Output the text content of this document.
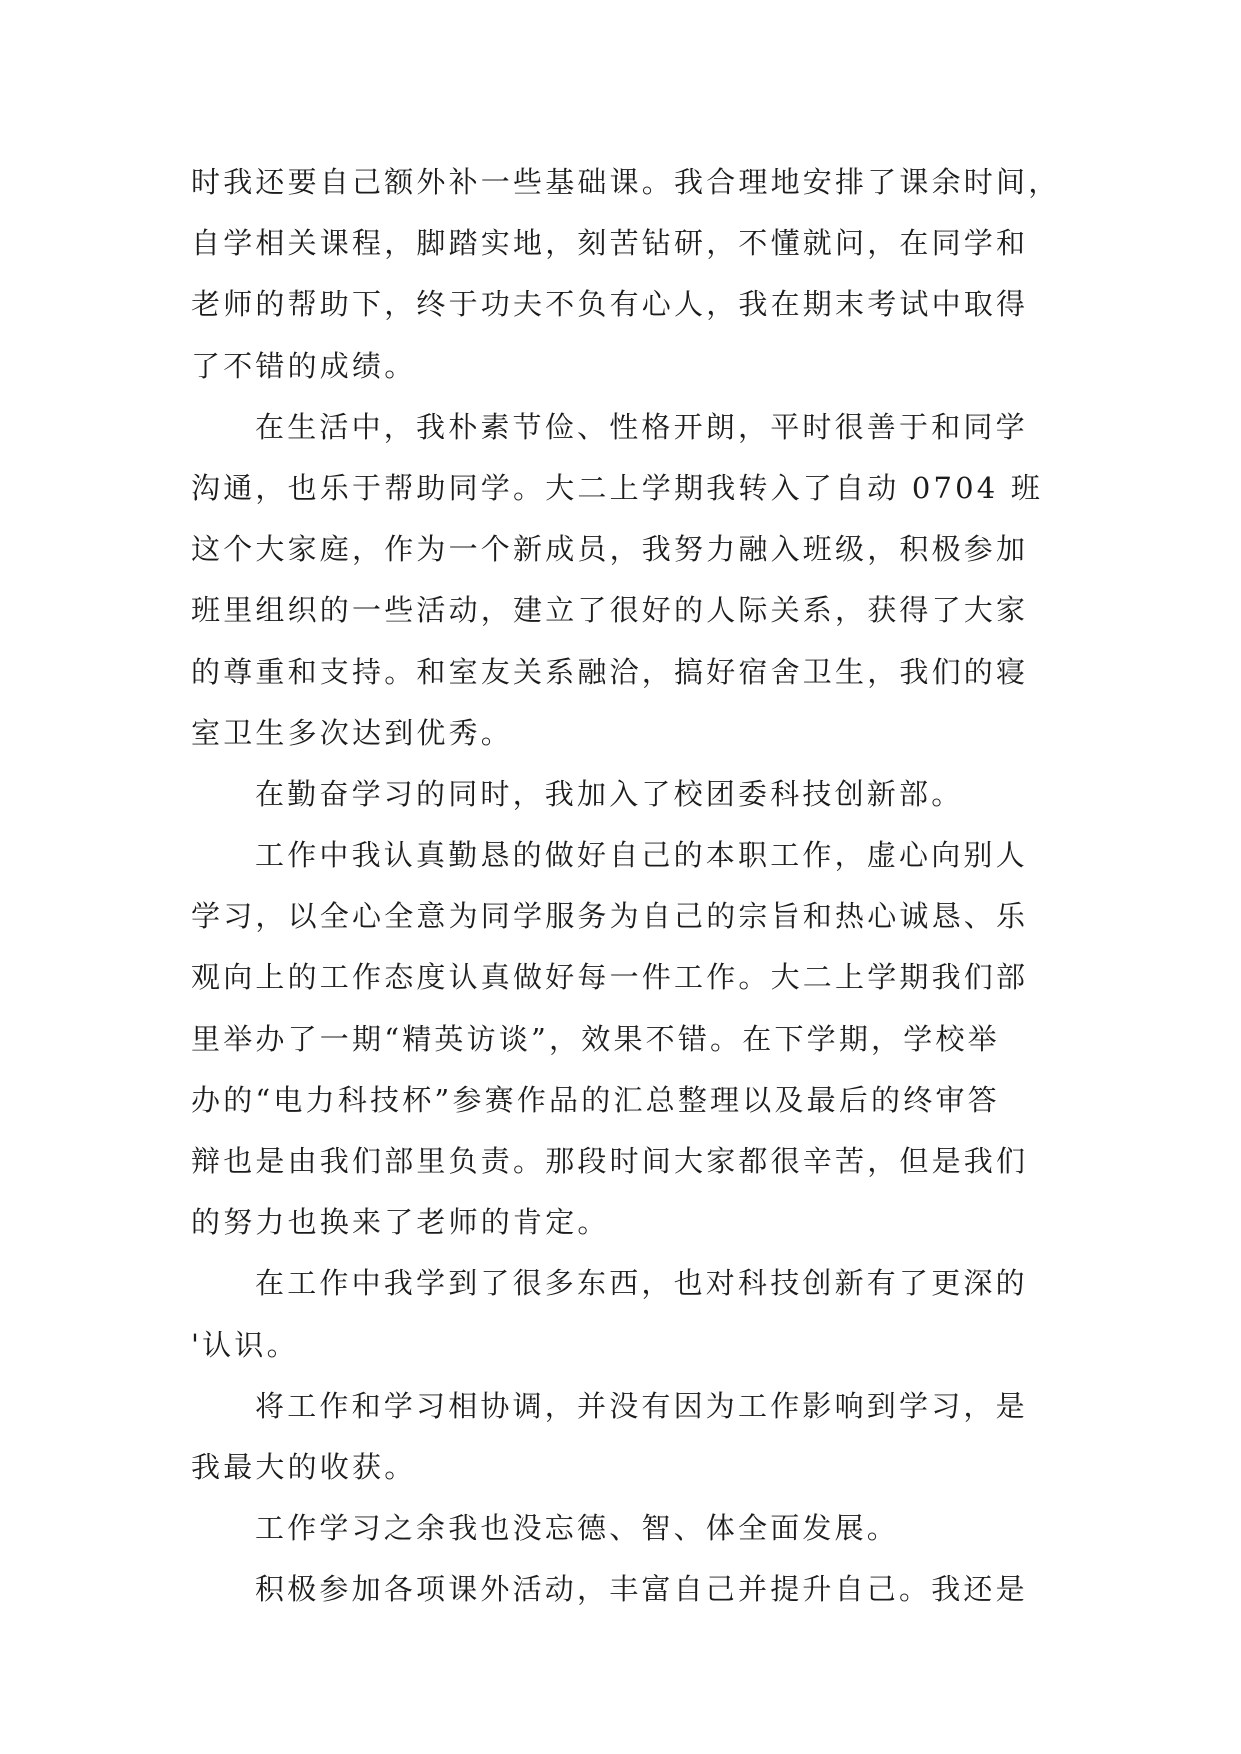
时我还要自己额外补一些基础课。我合理地安排了课余时间，
自学相关课程，脚踏实地，刻苦钻研，不懂就问，在同学和
老师的帮助下，终于功夫不负有心人，我在期末考试中取得
了不错的成绩。
在生活中，我朴素节俭、性格开朗，平时很善于和同学
沟通，也乐于帮助同学。大二上学期我转入了自动 0704 班
这个大家庭，作为一个新成员，我努力融入班级，积极参加
班里组织的一些活动，建立了很好的人际关系，获得了大家
的尊重和支持。和室友关系融洽，搞好宿舍卫生，我们的寝
室卫生多次达到优秀。
在勤奋学习的同时，我加入了校团委科技创新部。
工作中我认真勤恳的做好自己的本职工作，虚心向别人
学习，以全心全意为同学服务为自己的宗旨和热心诚恳、乐
观向上的工作态度认真做好每一件工作。大二上学期我们部
里举办了一期“精英访谈”，效果不错。在下学期，学校举
办的“电力科技杯”参赛作品的汇总整理以及最后的终审答
辩也是由我们部里负责。那段时间大家都很辛苦，但是我们
的努力也换来了老师的肯定。
在工作中我学到了很多东西，也对科技创新有了更深的
'认识。
将工作和学习相协调，并没有因为工作影响到学习，是
我最大的收获。
工作学习之余我也没忘德、智、体全面发展。
积极参加各项课外活动，丰富自己并提升自己。我还是
